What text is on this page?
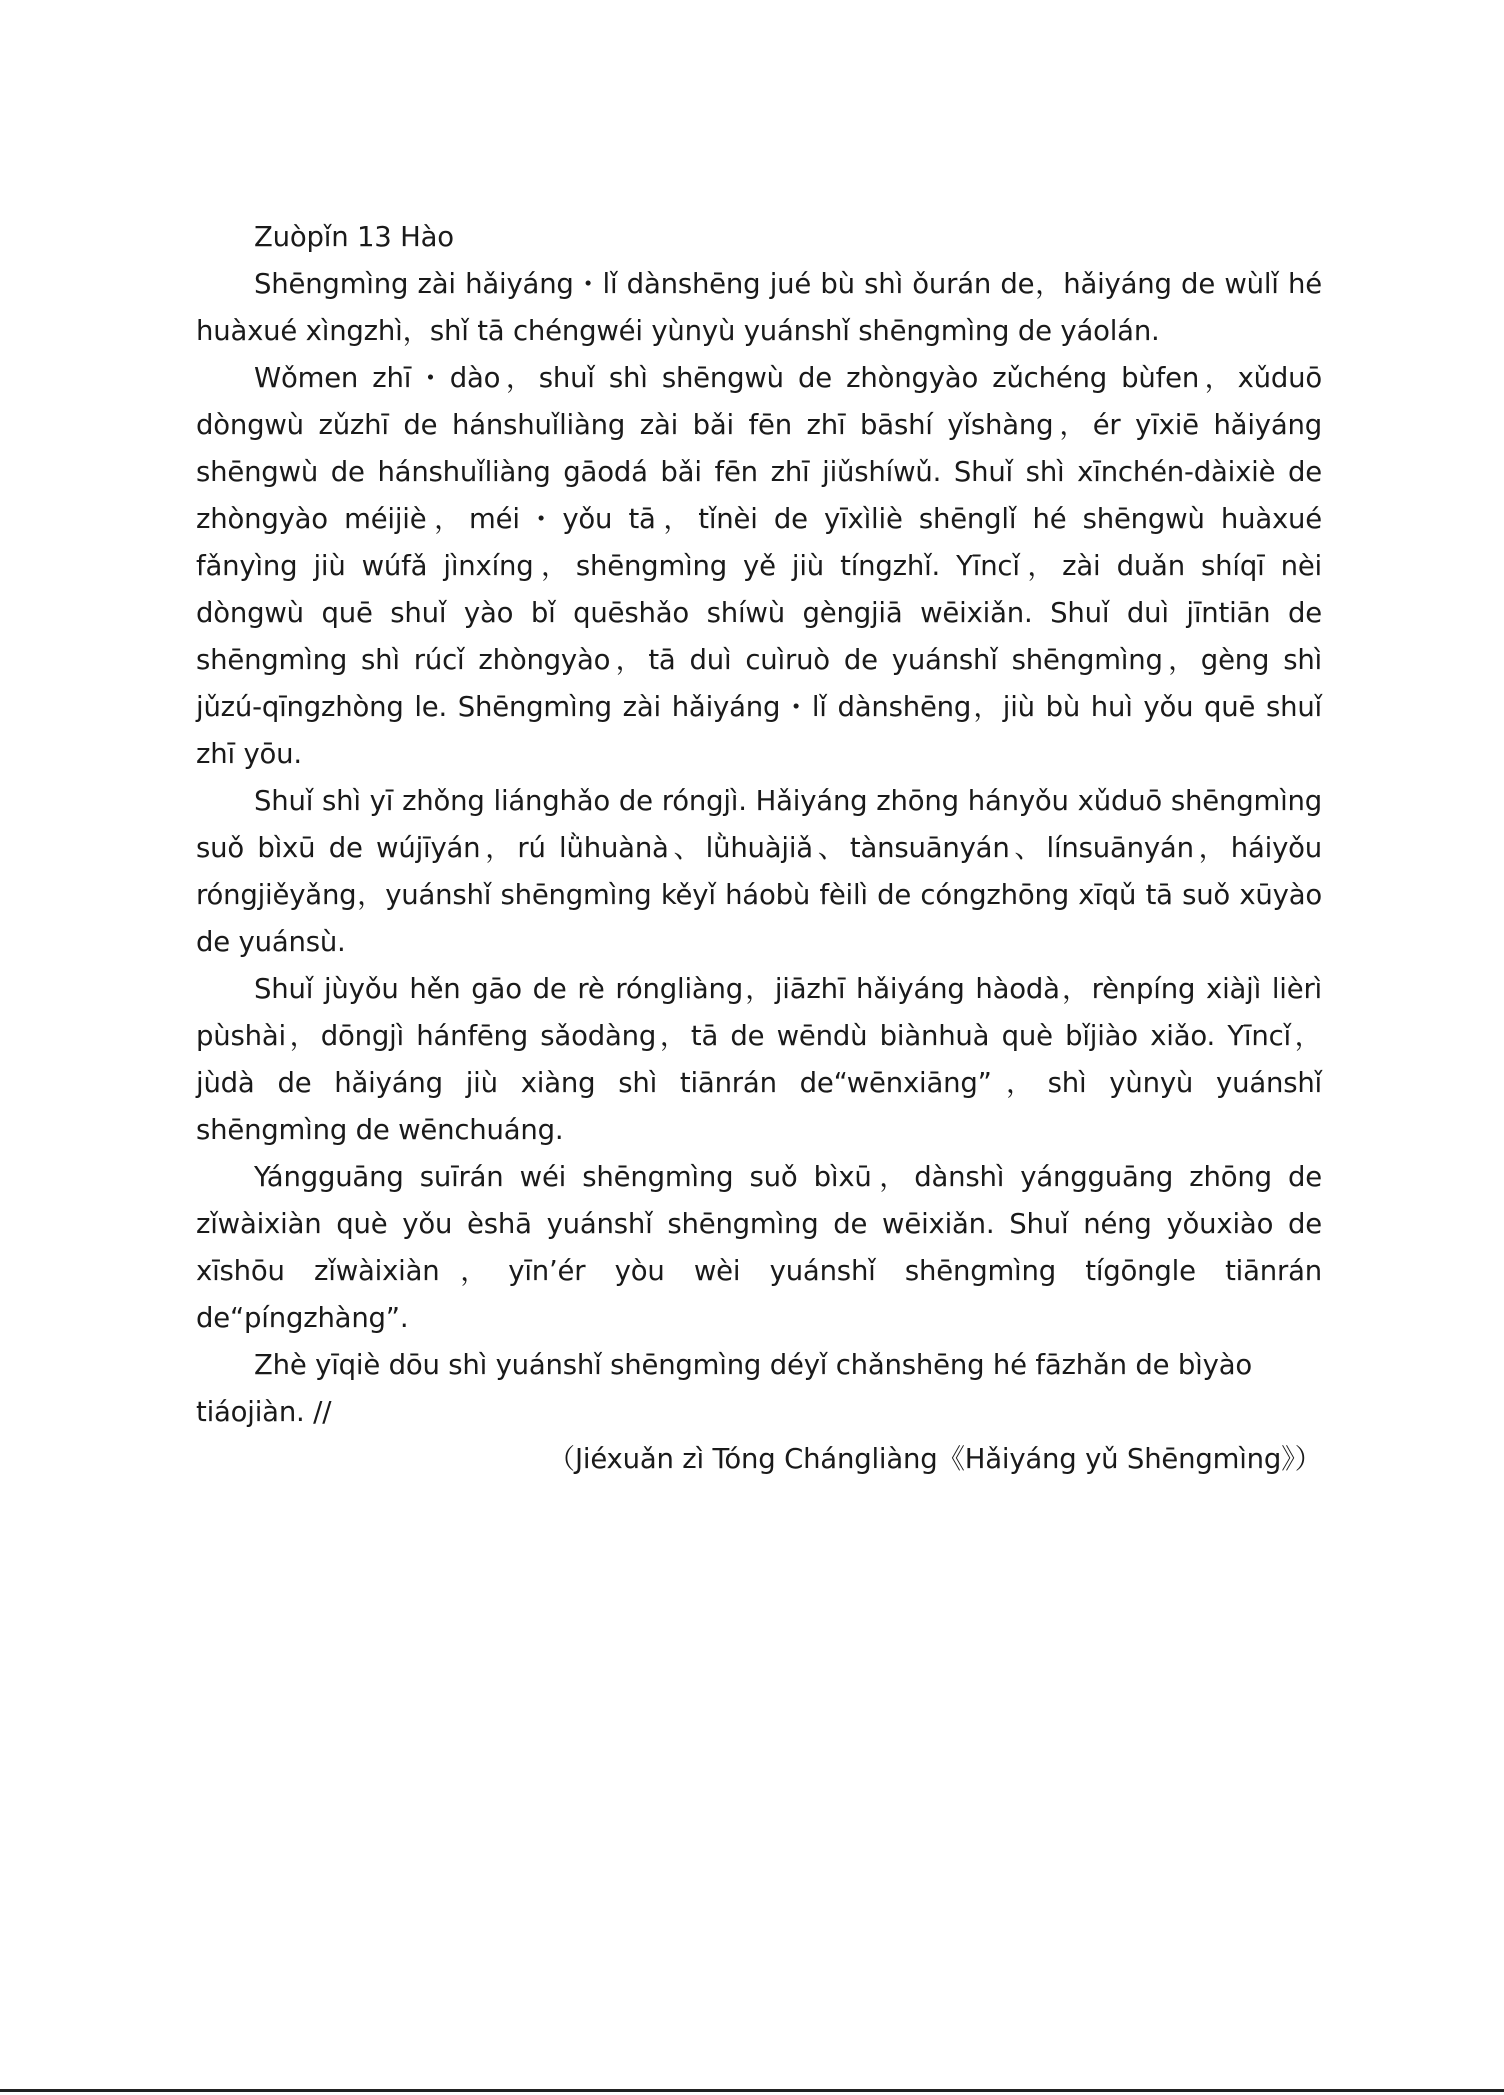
Zuòpǐn 13 Hào

Shēngmìng zài hǎiyáng・lǐ dànshēng jué bù shì ǒurán de，hǎiyáng de wùlǐ hé huàxué xìngzhì，shǐ tā chéngwéi yùnyù yuánshǐ shēngmìng de yáolán.

Wǒmen zhī・dào，shuǐ shì shēngwù de zhòngyào zǔchéng bùfen，xǔduō dòngwù zǔzhī de hánshuǐliàng zài bǎi fēn zhī bāshí yǐshàng，ér yīxiē hǎiyáng shēngwù de hánshuǐliàng gāodá bǎi fēn zhī jiǔshíwǔ. Shuǐ shì xīnchén-dàixiè de zhòngyào méijiè，méi・yǒu tā，tǐnèi de yīxìliè shēnglǐ hé shēngwù huàxué fǎnyìng jiù wúfǎ jìnxíng，shēngmìng yě jiù tíngzhǐ. Yīncǐ，zài duǎn shíqī nèi dòngwù quē shuǐ yào bǐ quēshǎo shíwù gèngjiā wēixiǎn. Shuǐ duì jīntiān de shēngmìng shì rúcǐ zhòngyào，tā duì cuìruò de yuánshǐ shēngmìng，gèng shì jǔzú-qīngzhòng le. Shēngmìng zài hǎiyáng・lǐ dànshēng，jiù bù huì yǒu quē shuǐ zhī yōu.

Shuǐ shì yī zhǒng liánghǎo de róngjì. Hǎiyáng zhōng hányǒu xǔduō shēngmìng suǒ bìxū de wújīyán，rú lǜhuànà、lǜhuàjiǎ、tànsuānyán、línsuānyán，háiyǒu róngjiěyǎng，yuánshǐ shēngmìng kěyǐ háobù fèilì de cóngzhōng xīqǔ tā suǒ xūyào de yuánsù.

Shuǐ jùyǒu hěn gāo de rè róngliàng，jiāzhī hǎiyáng hàodà，rènpíng xiàjì lièrì pùshài，dōngjì hánfēng sǎodàng，tā de wēndù biànhuà què bǐjiào xiǎo. Yīncǐ，jùdà de hǎiyáng jiù xiàng shì tiānrán de“wēnxiāng”，shì yùnyù yuánshǐ shēngmìng de wēnchuáng.

Yángguāng suīrán wéi shēngmìng suǒ bìxū，dànshì yángguāng zhōng de zǐwàixiàn què yǒu èshā yuánshǐ shēngmìng de wēixiǎn. Shuǐ néng yǒuxiào de xīshōu zǐwàixiàn，yīn’ér yòu wèi yuánshǐ shēngmìng tígōngle tiānrán de“píngzhàng”.

Zhè yīqiè dōu shì yuánshǐ shēngmìng déyǐ chǎnshēng hé fāzhǎn de bìyào tiáojiàn. //

（Jiéxuǎn zì Tóng Chángliàng《Hǎiyáng yǔ Shēngmìng》）
